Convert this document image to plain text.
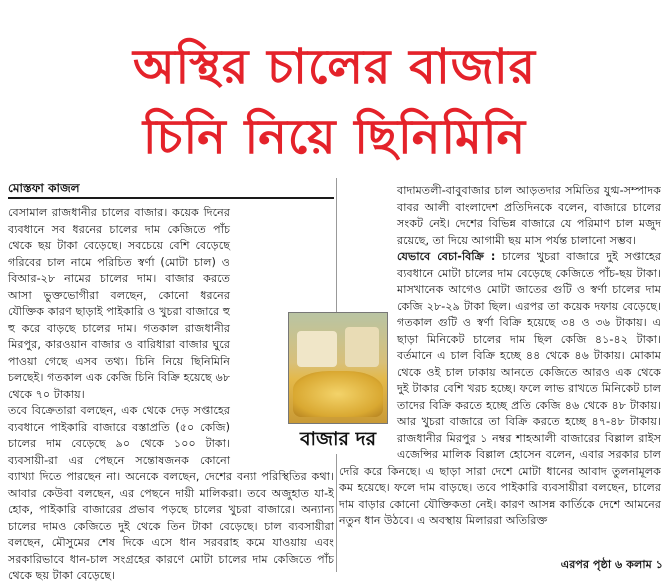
অস্থির চালের বাজার
চিনি নিয়ে ছিনিমিনি
মোস্তফা কাজল

বেসামাল রাজধানীর চালের বাজার। কয়েক দিনের ব্যবধানে সব ধরনের চালের দাম কেজিতে পাঁচ থেকে ছয় টাকা বেড়েছে। সবচেয়ে বেশি বেড়েছে গরিবের চাল নামে পরিচিত স্বর্ণা (মোটা চাল) ও বিআর-২৮ নামের চালের দাম। বাজার করতে আসা ভুক্তভোগীরা বলছেন, কোনো ধরনের যৌক্তিক কারণ ছাড়াই পাইকারি ও খুচরা বাজারে হু হু করে বাড়ছে চালের দাম। গতকাল রাজধানীর মিরপুর, কারওয়ান বাজার ও বারিধারা বাজার ঘুরে পাওয়া গেছে এসব তথ্য। চিনি নিয়ে ছিনিমিনি চলছেই। গতকাল এক কেজি চিনি বিক্রি হয়েছে ৬৮ থেকে ৭০ টাকায়।

তবে বিক্রেতারা বলছেন, এক থেকে দেড় সপ্তাহের ব্যবধানে পাইকারি বাজারে বস্তাপ্রতি (৫০ কেজি) চালের দাম বেড়েছে ৯০ থেকে ১০০ টাকা। ব্যবসায়ী-রা এর পেছনে সন্তোষজনক কোনো ব্যাখ্যা দিতে পারছেন না। অনেকে বলছেন, দেশের বন্যা পরিস্থিতির কথা। আবার কেউবা বলছেন, এর পেছনে দায়ী মালিকরা। তবে অজুহাত যা-ই হোক, পাইকারি বাজারের প্রভাব পড়ছে চালের খুচরা বাজারে। অন্যান্য চালের দামও কেজিতে দুই থেকে তিন টাকা বেড়েছে। চাল ব্যবসায়ীরা বলছেন, মৌসুমের শেষ দিকে এসে ধান সরবরাহ কমে যাওয়ায় এবং সরকারিভাবে ধান-চাল সংগ্রহের কারণে মোটা চালের দাম কেজিতে পাঁচ থেকে ছয় টাকা বেড়েছে।

বাদামতলী-বাবুবাজার চাল আড়তদার সমিতির যুগ্ম-সম্পাদক বাবর আলী বাংলাদেশ প্রতিদিনকে বলেন, বাজারে চালের সংকট নেই। দেশের বিভিন্ন বাজারে যে পরিমাণ চাল মজুদ রয়েছে, তা দিয়ে আগামী ছয় মাস পর্যন্ত চালানো সম্ভব।

যেভাবে বেচা-বিক্রি : চালের খুচরা বাজারে দুই সপ্তাহের ব্যবধানে মোটা চালের দাম বেড়েছে কেজিতে পাঁচ-ছয় টাকা। মাসখানেক আগেও মোটা জাতের গুটি ও স্বর্ণা চালের দাম কেজি ২৮-২৯ টাকা ছিল। এরপর তা কয়েক দফায় বেড়েছে। গতকাল গুটি ও স্বর্ণা বিক্রি হয়েছে ৩৪ ও ৩৬ টাকায়। এ ছাড়া মিনিকেট চালের দাম ছিল কেজি ৪১-৪২ টাকা। বর্তমানে এ চাল বিক্রি হচ্ছে ৪৪ থেকে ৪৬ টাকায়। মোকাম থেকে ওই চাল ঢাকায় আনতে কেজিতে আরও এক থেকে দুই টাকার বেশি খরচ হচ্ছে। ফলে লাভ রাখতে মিনিকেট চাল তাদের বিক্রি করতে হচ্ছে প্রতি কেজি ৪৬ থেকে ৪৮ টাকায়। আর খুচরা বাজারে তা বিক্রি করতে হচ্ছে ৪৭-৪৮ টাকায়। রাজধানীর মিরপুর ১ নম্বর শাহআলী বাজারের বিল্লাল রাইস এজেন্সির মালিক বিল্লাল হোসেন বলেন, এবার সরকার চাল দেরি করে কিনছে। এ ছাড়া সারা দেশে মোটা ধানের আবাদ তুলনামূলক কম হয়েছে। ফলে দাম বাড়ছে। তবে পাইকারি ব্যবসায়ীরা বলছেন, চালের দাম বাড়ার কোনো যৌক্তিকতা নেই। কারণ আসন্ন কার্তিকে দেশে আমনের নতুন ধান উঠবে। এ অবস্থায় মিলাররা অতিরিক্ত

বাজার দর
এরপর পৃষ্ঠা ৬ কলাম ১
